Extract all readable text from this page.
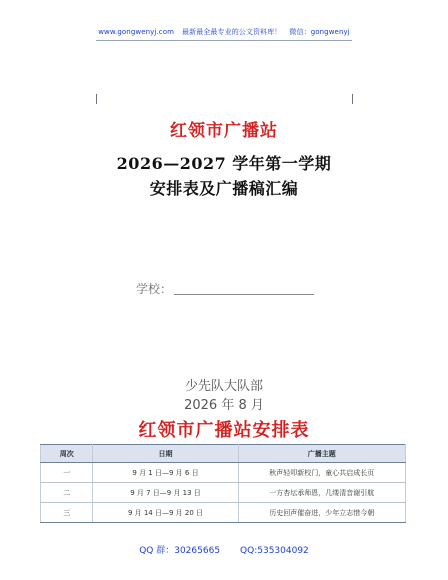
www.gongwenyj.com 最新最全最专业的公文资料库！ 微信：gongwenyj
红领市广播站
2026—2027 学年第一学期
安排表及广播稿汇编
学校：
少先队大队部
2026 年 8 月
红领市广播站安排表
周次	日期	广播主题
一	9 月 1 日—9 月 6 日	秋声轻叩新校门，童心共启成长页
二	9 月 7 日—9 月 13 日	一方杏坛承师恩，几缕清音谢引航
三	9 月 14 日—9 月 20 日	历史回声催奋进，少年立志惜今朝
QQ 群：30265665 QQ:535304092
